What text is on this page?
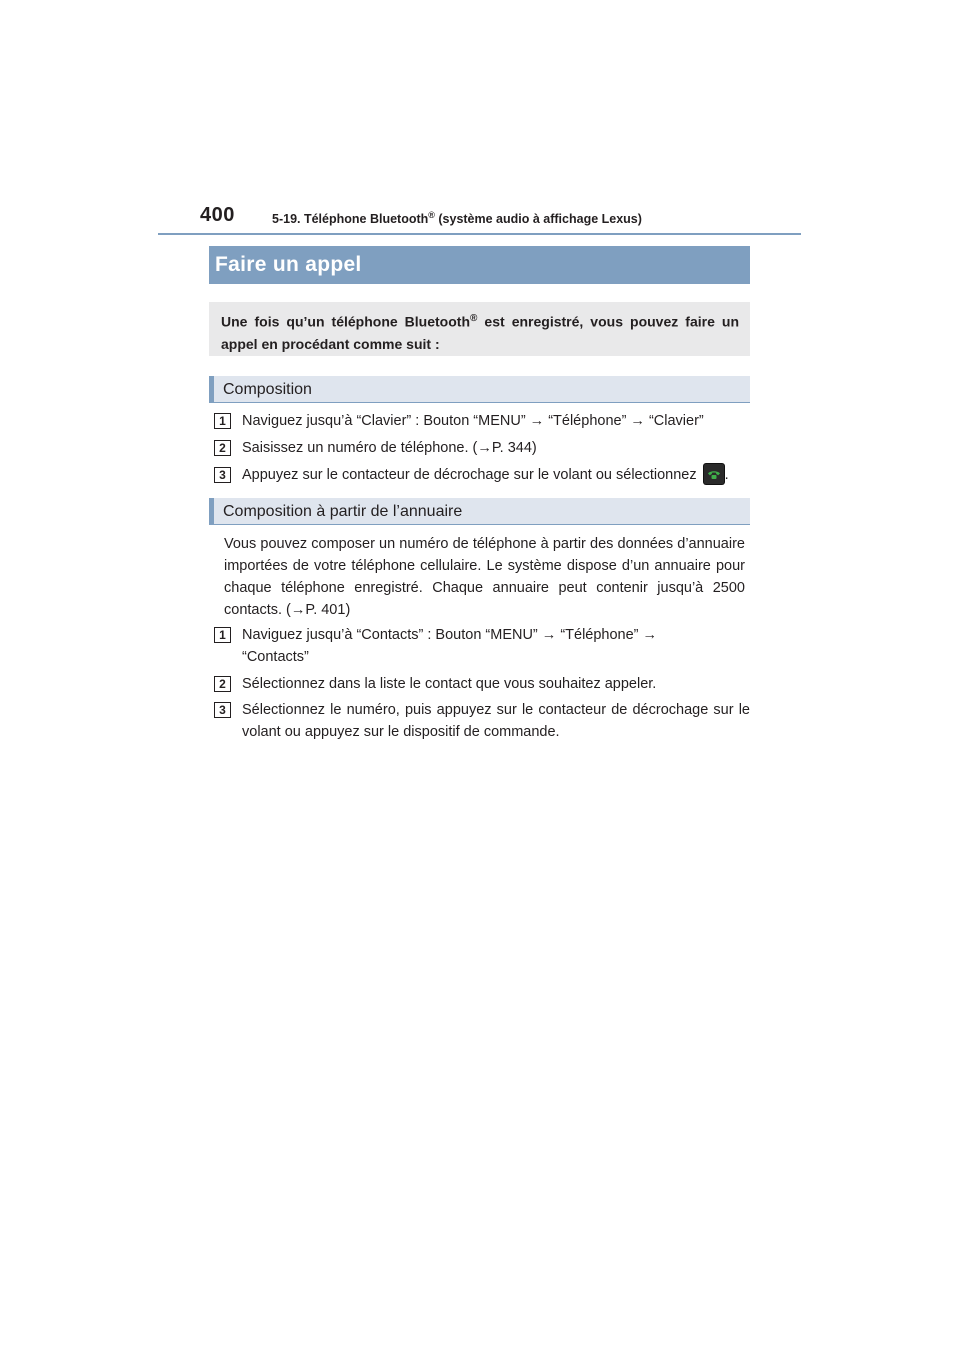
400	5-19. Téléphone Bluetooth® (système audio à affichage Lexus)
Faire un appel
Une fois qu’un téléphone Bluetooth® est enregistré, vous pouvez faire un appel en procédant comme suit :
Composition
1	Naviguez jusqu’à “Clavier” : Bouton “MENU” → “Téléphone” → “Clavier”
2	Saisissez un numéro de téléphone. (→P. 344)
3	Appuyez sur le contacteur de décrochage sur le volant ou sélectionnez .
Composition à partir de l’annuaire
Vous pouvez composer un numéro de téléphone à partir des données d’annuaire importées de votre téléphone cellulaire. Le système dispose d’un annuaire pour chaque téléphone enregistré. Chaque annuaire peut contenir jusqu’à 2500 contacts. (→P. 401)
1	Naviguez jusqu’à “Contacts” : Bouton “MENU” → “Téléphone” → “Contacts”
2	Sélectionnez dans la liste le contact que vous souhaitez appeler.
3	Sélectionnez le numéro, puis appuyez sur le contacteur de décrochage sur le volant ou appuyez sur le dispositif de commande.
